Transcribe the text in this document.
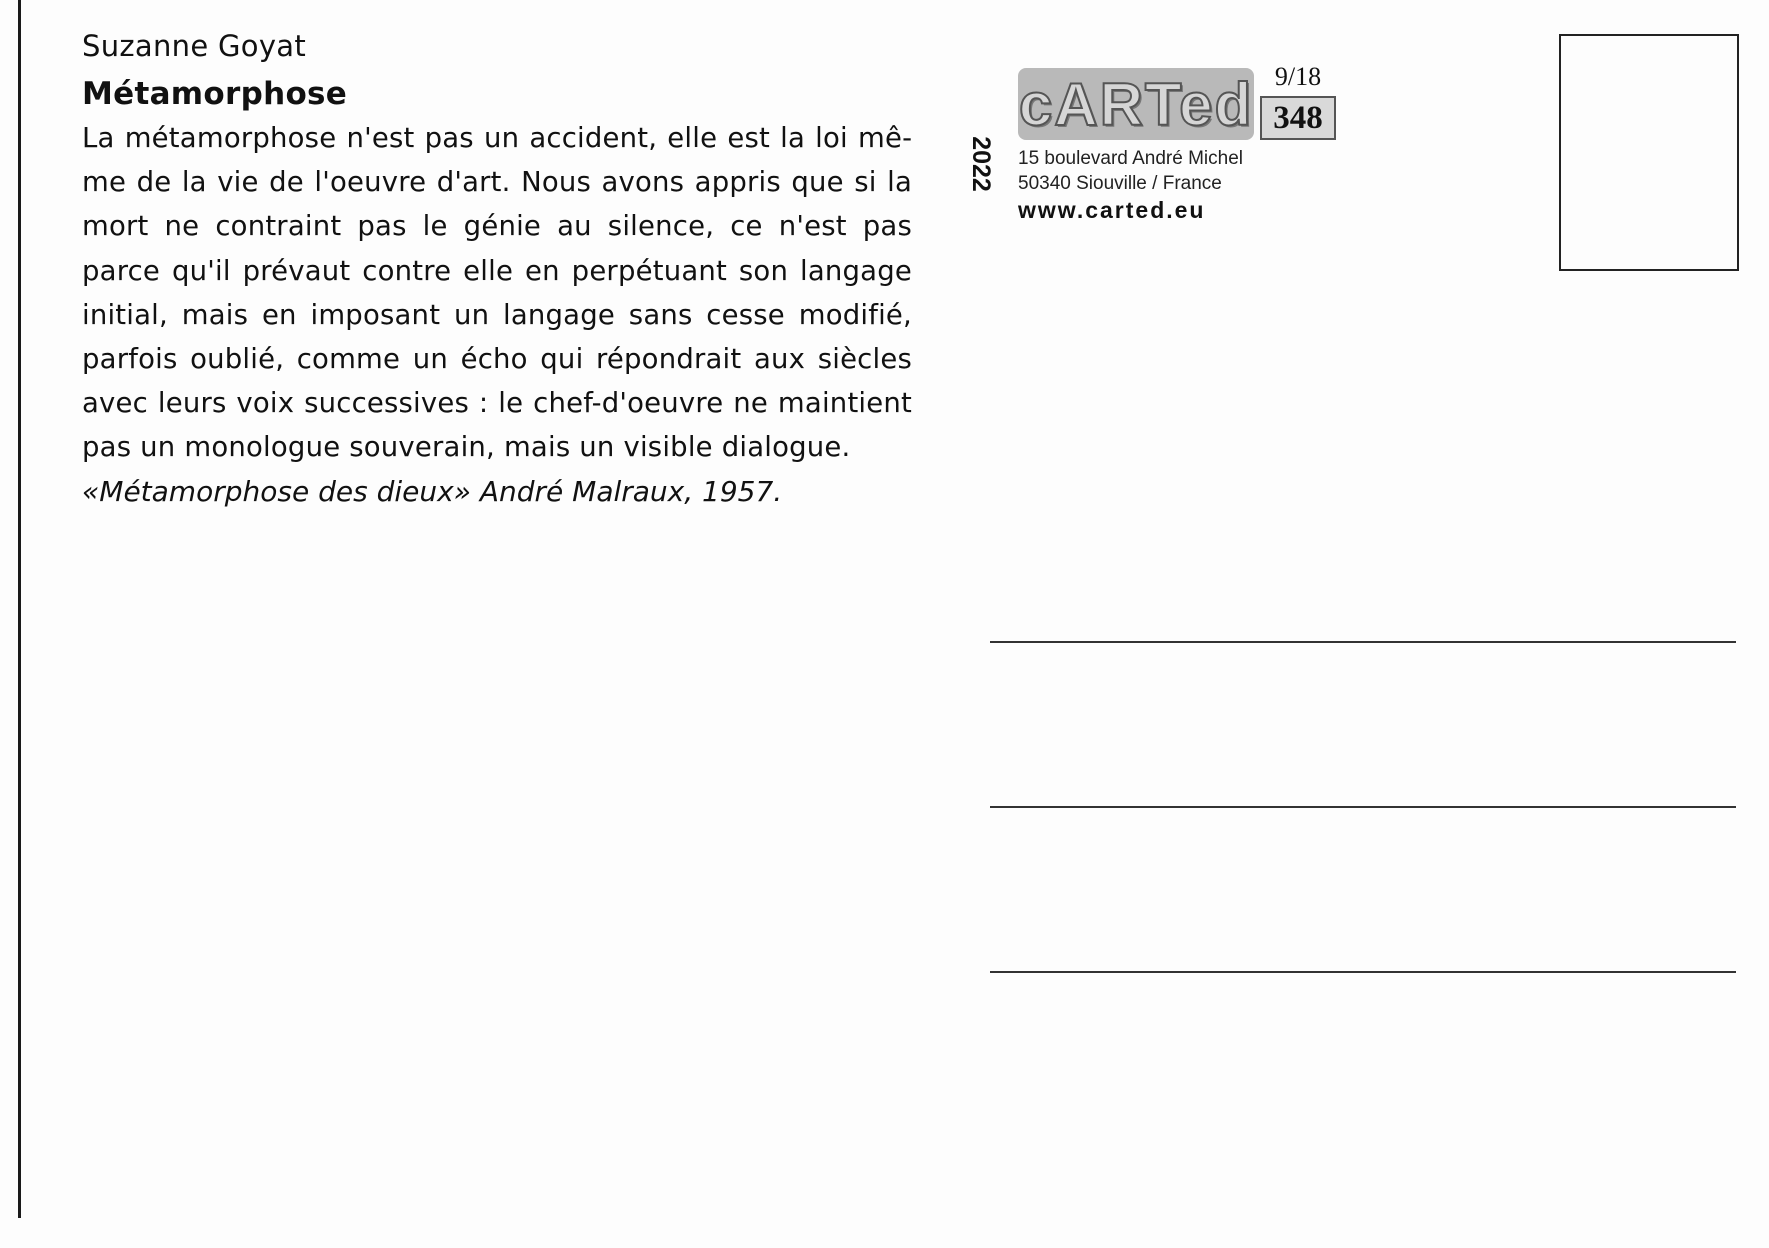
Suzanne Goyat
Métamorphose
La métamorphose n'est pas un accident, elle est la loi même de la vie de l'oeuvre d'art. Nous avons appris que si la mort ne contraint pas le génie au silence, ce n'est pas parce qu'il prévaut contre elle en perpétuant son langage initial, mais en imposant un langage sans cesse modifié, parfois oublié, comme un écho qui répondrait aux siècles avec leurs voix successives : le chef-d'oeuvre ne maintient pas un monologue souverain, mais un visible dialogue.
«Métamorphose des dieux» André Malraux, 1957.
2022
cARTed 9/18
348
15 boulevard André Michel
50340 Siouville / France
www.carted.eu
